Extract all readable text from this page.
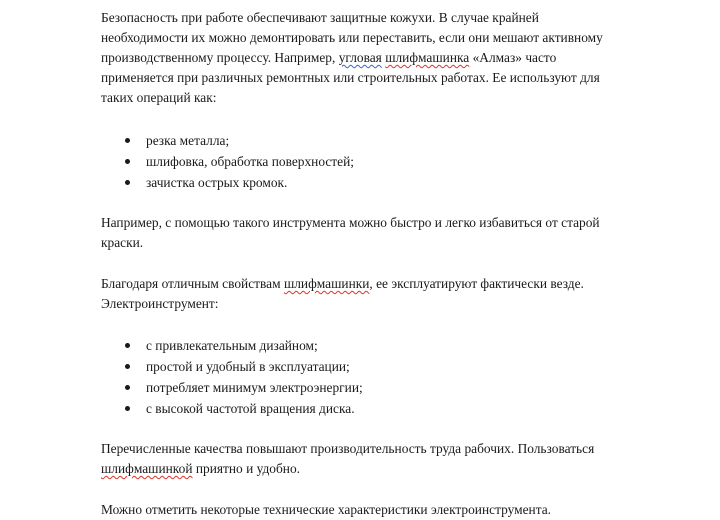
Безопасность при работе обеспечивают защитные кожухи. В случае крайней
необходимости их можно демонтировать или переставить, если они мешают активному
производственному процессу. Например, угловая шлифмашинка «Алмаз» часто
применяется при различных ремонтных или строительных работах. Ее используют для
таких операций как:

резка металла;
шлифовка, обработка поверхностей;
зачистка острых кромок.

Например, с помощью такого инструмента можно быстро и легко избавиться от старой
краски.

Благодаря отличным свойствам шлифмашинки, ее эксплуатируют фактически везде.
Электроинструмент:

с привлекательным дизайном;
простой и удобный в эксплуатации;
потребляет минимум электроэнергии;
с высокой частотой вращения диска.

Перечисленные качества повышают производительность труда рабочих. Пользоваться
шлифмашинкой приятно и удобно.

Можно отметить некоторые технические характеристики электроинструмента.
